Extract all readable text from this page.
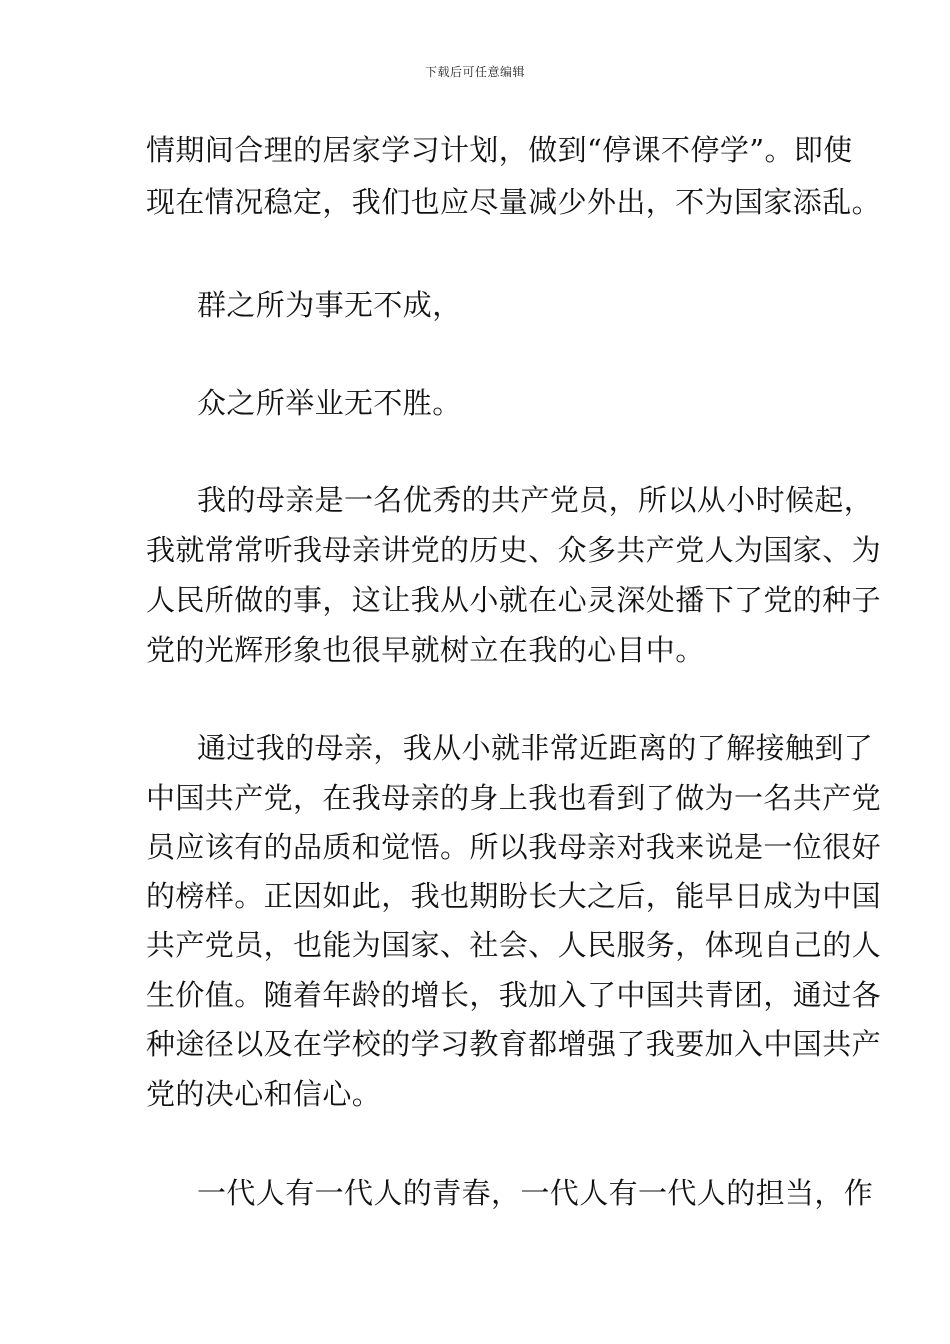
下载后可任意编辑
情期间合理的居家学习计划，做到“停课不停学”。即使
现在情况稳定，我们也应尽量减少外出，不为国家添乱。
群之所为事无不成，
众之所举业无不胜。
我的母亲是一名优秀的共产党员，所以从小时候起，
我就常常听我母亲讲党的历史、众多共产党人为国家、为
人民所做的事，这让我从小就在心灵深处播下了党的种子
党的光辉形象也很早就树立在我的心目中。
通过我的母亲，我从小就非常近距离的了解接触到了
中国共产党，在我母亲的身上我也看到了做为一名共产党
员应该有的品质和觉悟。所以我母亲对我来说是一位很好
的榜样。正因如此，我也期盼长大之后，能早日成为中国
共产党员，也能为国家、社会、人民服务，体现自己的人
生价值。随着年龄的增长，我加入了中国共青团，通过各
种途径以及在学校的学习教育都增强了我要加入中国共产
党的决心和信心。
一代人有一代人的青春，一代人有一代人的担当，作
